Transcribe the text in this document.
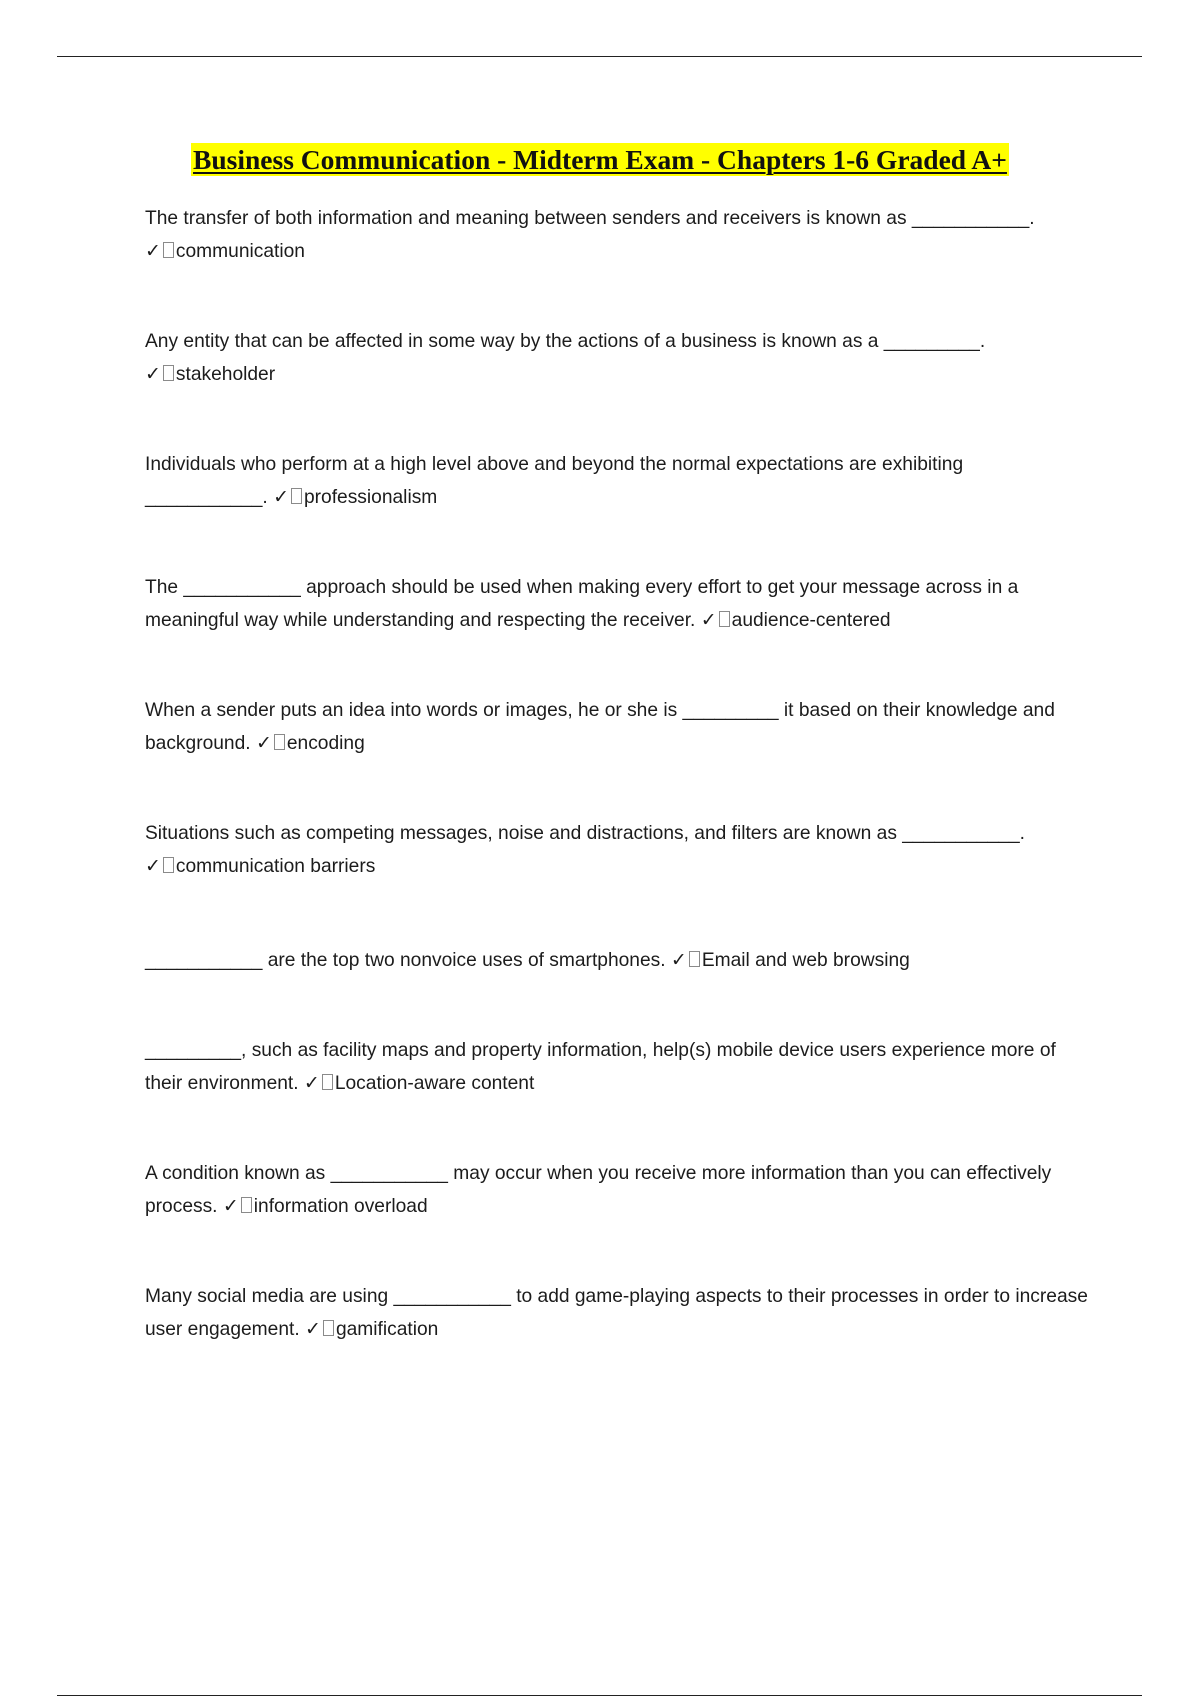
Business Communication - Midterm Exam - Chapters 1-6 Graded A+
The transfer of both information and meaning between senders and receivers is known as ___________.
✓ communication
Any entity that can be affected in some way by the actions of a business is known as a _________.
✓ stakeholder
Individuals who perform at a high level above and beyond the normal expectations are exhibiting ___________. ✓ professionalism
The ___________ approach should be used when making every effort to get your message across in a meaningful way while understanding and respecting the receiver. ✓ audience-centered
When a sender puts an idea into words or images, he or she is _________ it based on their knowledge and background. ✓ encoding
Situations such as competing messages, noise and distractions, and filters are known as ___________.
✓ communication barriers
___________ are the top two nonvoice uses of smartphones. ✓ Email and web browsing
_________, such as facility maps and property information, help(s) mobile device users experience more of their environment. ✓ Location-aware content
A condition known as ___________ may occur when you receive more information than you can effectively process. ✓ information overload
Many social media are using ___________ to add game-playing aspects to their processes in order to increase user engagement. ✓ gamification
